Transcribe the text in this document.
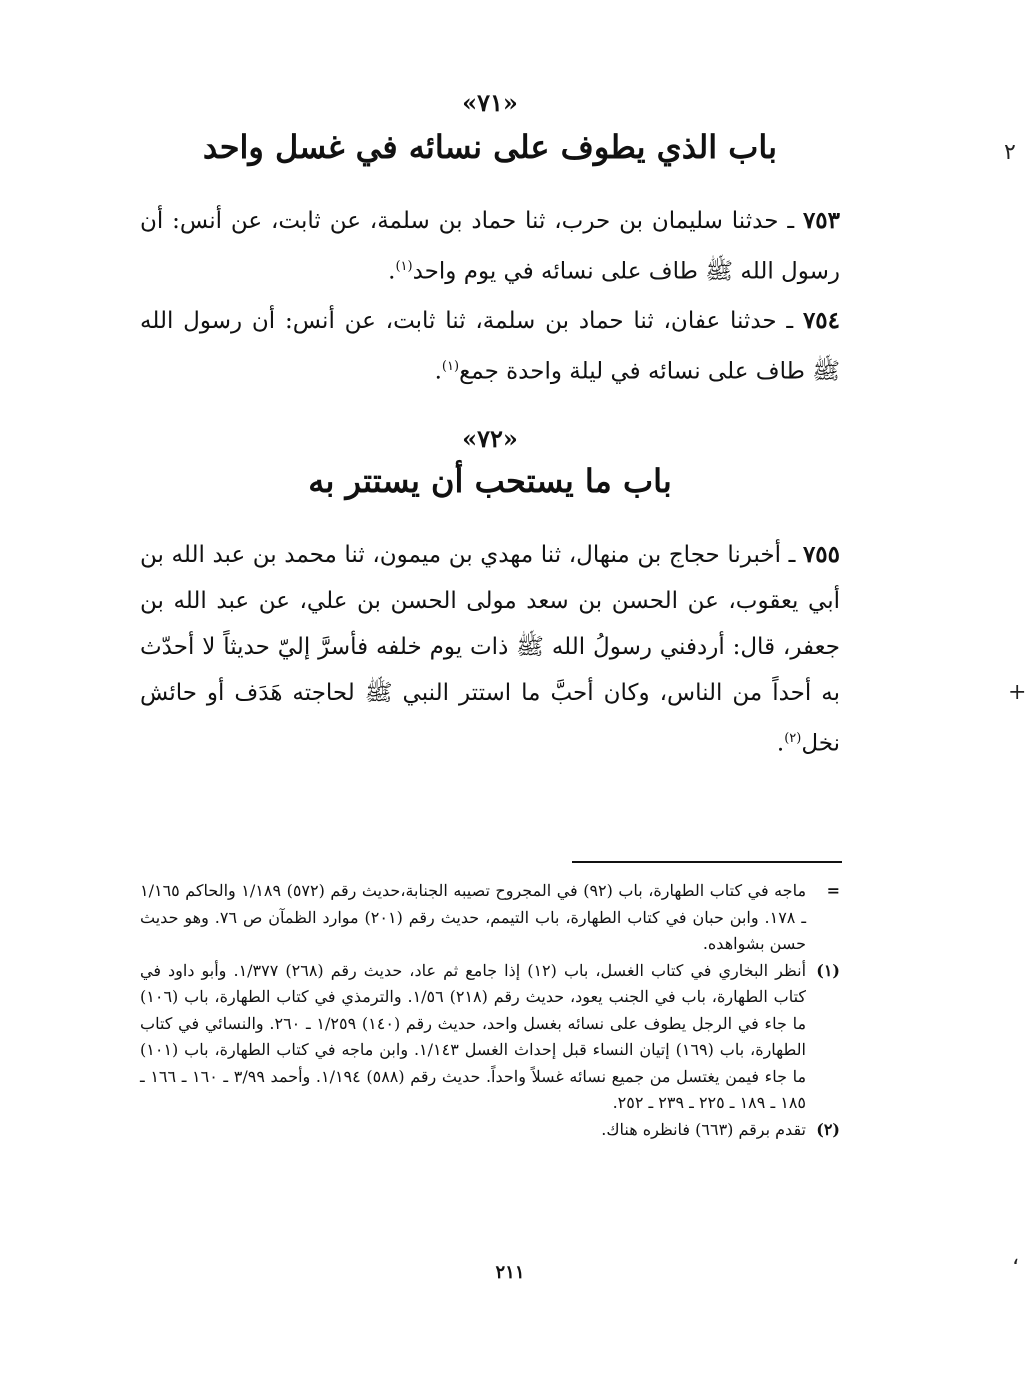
٢
+
،
«٧١»
باب الذي يطوف على نسائه في غسل واحد
٧٥٣ ـ حدثنا سليمان بن حرب، ثنا حماد بن سلمة، عن ثابت، عن أنس: أن رسول الله ﷺ طاف على نسائه في يوم واحد$^{(١)}$.
٧٥٤ ـ حدثنا عفان، ثنا حماد بن سلمة، ثنا ثابت، عن أنس: أن رسول الله ﷺ طاف على نسائه في ليلة واحدة جمع$^{(١)}$.
«٧٢»
باب ما يستحب أن يستتر به
٧٥٥ ـ أخبرنا حجاج بن منهال، ثنا مهدي بن ميمون، ثنا محمد بن عبد الله بن أبي يعقوب، عن الحسن بن سعد مولى الحسن بن علي، عن عبد الله بن جعفر، قال: أردفني رسولُ الله ﷺ ذات يوم خلفه فأسرَّ إليّ حديثاً لا أحدّث به أحداً من الناس، وكان أحبَّ ما استتر النبي ﷺ لحاجته هَدَف أو حائش نخل$^{(٢)}$.
=
ماجه في كتاب الطهارة، باب (٩٢) في المجروح تصيبه الجنابة،حديث رقم (٥٧٢) ١/١٨٩ والحاكم ١/١٦٥ ـ ١٧٨. وابن حبان في كتاب الطهارة، باب التيمم، حديث رقم (٢٠١) موارد الظمآن ص ٧٦. وهو حديث حسن بشواهده.
(١)
أنظر البخاري في كتاب الغسل، باب (١٢) إذا جامع ثم عاد، حديث رقم (٢٦٨) ١/٣٧٧. وأبو داود في كتاب الطهارة، باب في الجنب يعود، حديث رقم (٢١٨) ١/٥٦. والترمذي في كتاب الطهارة، باب (١٠٦) ما جاء في الرجل يطوف على نسائه بغسل واحد، حديث رقم (١٤٠) ١/٢٥٩ ـ ٢٦٠. والنسائي في كتاب الطهارة، باب (١٦٩) إتيان النساء قبل إحداث الغسل ١/١٤٣. وابن ماجه في كتاب الطهارة، باب (١٠١) ما جاء فيمن يغتسل من جميع نسائه غسلاً واحداً. حديث رقم (٥٨٨) ١/١٩٤. وأحمد ٣/٩٩ ـ ١٦٠ ـ ١٦٦ ـ ١٨٥ ـ ١٨٩ ـ ٢٢٥ ـ ٢٣٩ ـ ٢٥٢.
(٢)
تقدم برقم (٦٦٣) فانظره هناك.
٢١١
